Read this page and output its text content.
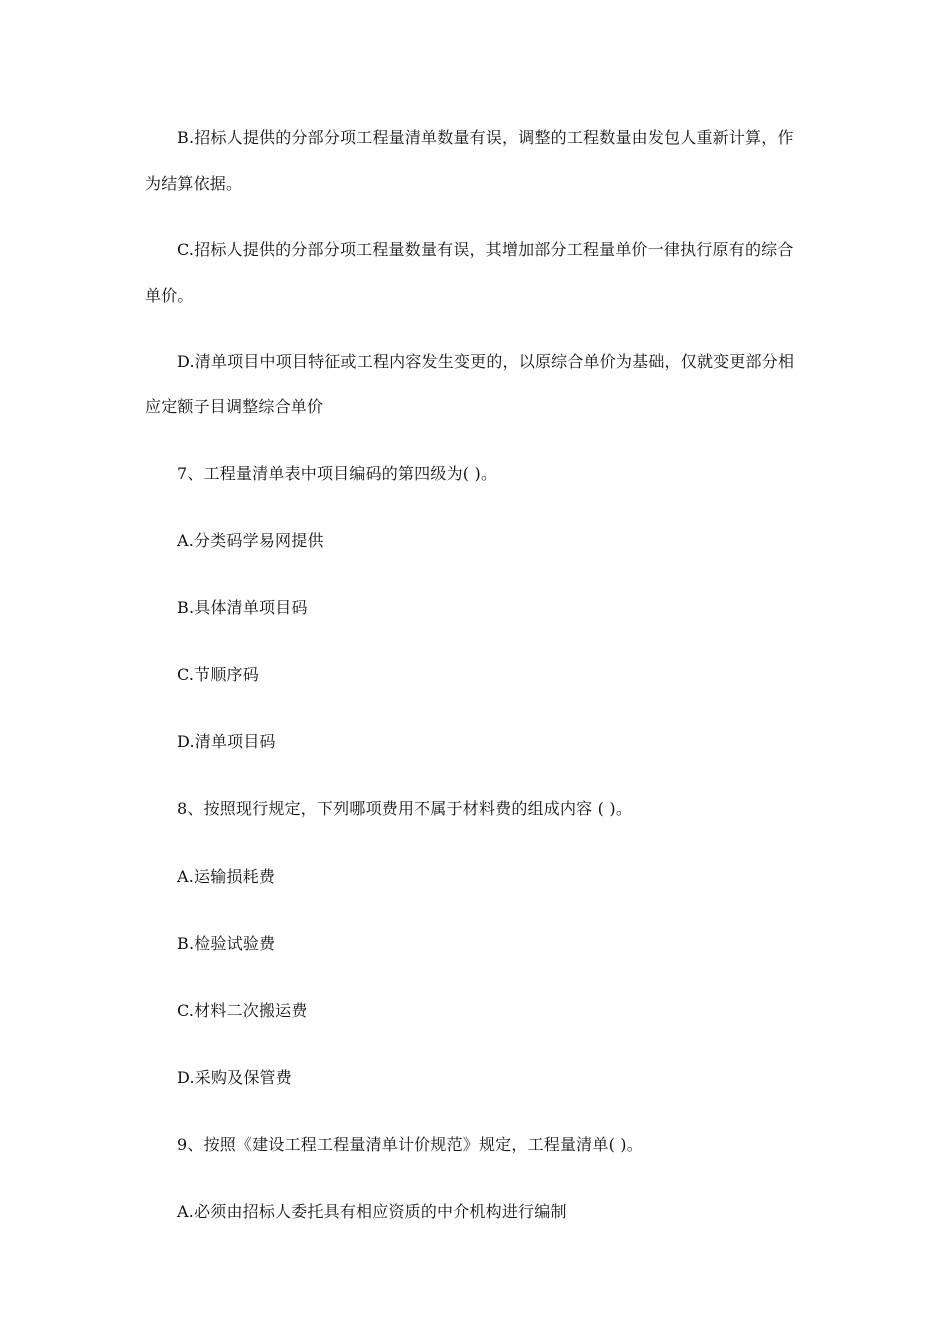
B.招标人提供的分部分项工程量清单数量有误，调整的工程数量由发包人重新计算，作
为结算依据。
C.招标人提供的分部分项工程量数量有误，其增加部分工程量单价一律执行原有的综合
单价。
D.清单项目中项目特征或工程内容发生变更的，以原综合单价为基础，仅就变更部分相
应定额子目调整综合单价
7、工程量清单表中项目编码的第四级为( )。
A.分类码学易网提供
B.具体清单项目码
C.节顺序码
D.清单项目码
8、按照现行规定，下列哪项费用不属于材料费的组成内容 ( )。
A.运输损耗费
B.检验试验费
C.材料二次搬运费
D.采购及保管费
9、按照《建设工程工程量清单计价规范》规定，工程量清单( )。
A.必须由招标人委托具有相应资质的中介机构进行编制
